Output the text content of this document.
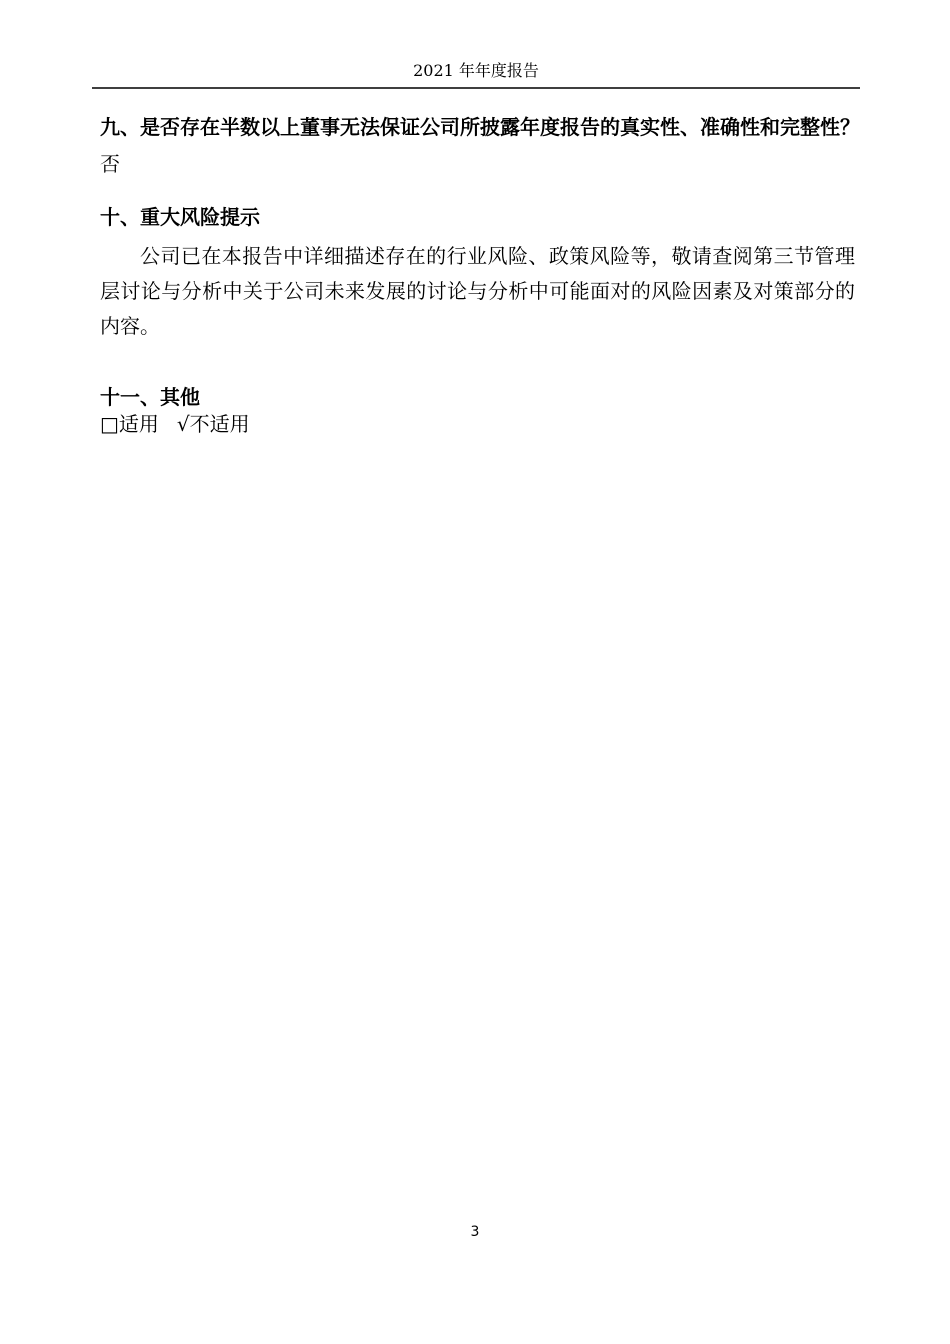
2021 年年度报告
九、是否存在半数以上董事无法保证公司所披露年度报告的真实性、准确性和完整性？
否
十、重大风险提示
公司已在本报告中详细描述存在的行业风险、政策风险等，敬请查阅第三节管理层讨论与分析中关于公司未来发展的讨论与分析中可能面对的风险因素及对策部分的内容。
十一、其他
□适用 √不适用
3
